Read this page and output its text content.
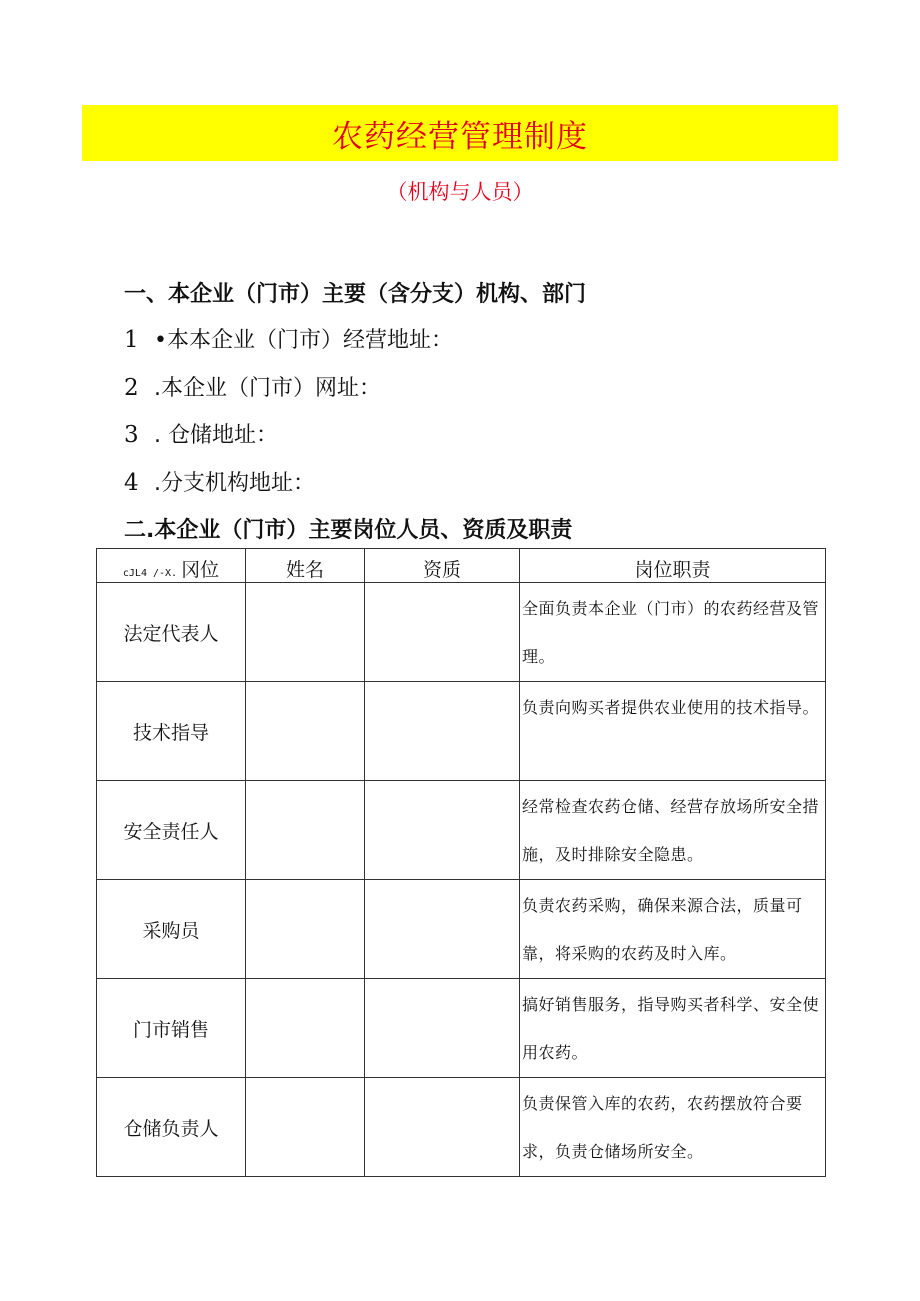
农药经营管理制度
（机构与人员）
一、本企业（门市）主要（含分支）机构、部门
1 •本本企业（门市）经营地址：
2 .本企业（门市）网址：
3 . 仓储地址：
4 .分支机构地址：
二.本企业（门市）主要岗位人员、资质及职责
cJL4 /-X. 冈位	姓名	资质	岗位职责
法定代表人			全面负责本企业（门市）的农药经营及管理。
技术指导			负责向购买者提供农业使用的技术指导。
安全责任人			经常检查农药仓储、经营存放场所安全措施，及时排除安全隐患。
采购员			负责农药采购，确保来源合法，质量可靠，将采购的农药及时入库。
门市销售			搞好销售服务，指导购买者科学、安全使用农药。
仓储负责人			负责保管入库的农药，农药摆放符合要求，负责仓储场所安全。
